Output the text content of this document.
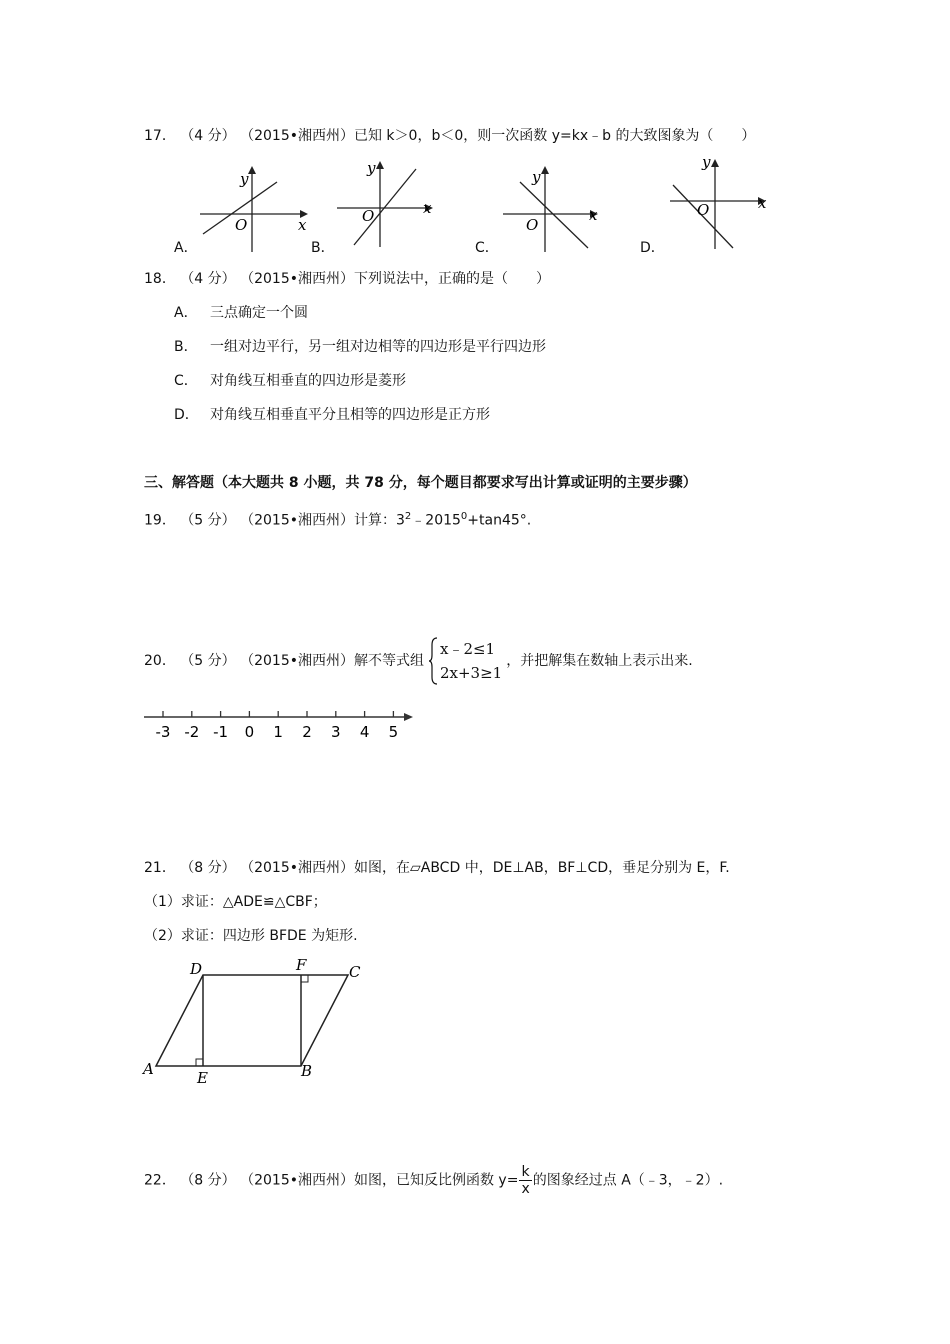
17． （4 分） （2015•湘西州）已知 k＞0，b＜0，则一次函数 y=kx﹣b 的大致图象为（　　）
x
y
O
A．
x
y
O
B．
x
y
O
C．
x
y
O
D．
18． （4 分） （2015•湘西州）下列说法中，正确的是（　　）
A． 三点确定一个圆
B． 一组对边平行，另一组对边相等的四边形是平行四边形
C． 对角线互相垂直的四边形是菱形
D． 对角线互相垂直平分且相等的四边形是正方形
三、解答题（本大题共 8 小题，共 78 分，每个题目都要求写出计算或证明的主要步骤）
19． （5 分） （2015•湘西州）计算：$3^2﹣2015^0+\tan 45^\circ$.
20． （5 分） （2015•湘西州）解不等式组
x﹣2≤1
2x+3≥1
，并把解集在数轴上表示出来.
-3 -2 -1 0 1 2 3 4 5
21． （8 分） （2015•湘西州）如图，在▱ABCD 中，DE⊥AB，BF⊥CD，垂足分别为 E，F.
（1）求证：△ADE≌△CBF；
（2）求证：四边形 BFDE 为矩形.
A
D	F	C
E	B
22． （8 分） （2015•湘西州）如图，已知反比例函数 $y= \frac{k}{x}$ 的图象经过点 A（﹣3，﹣2）.
